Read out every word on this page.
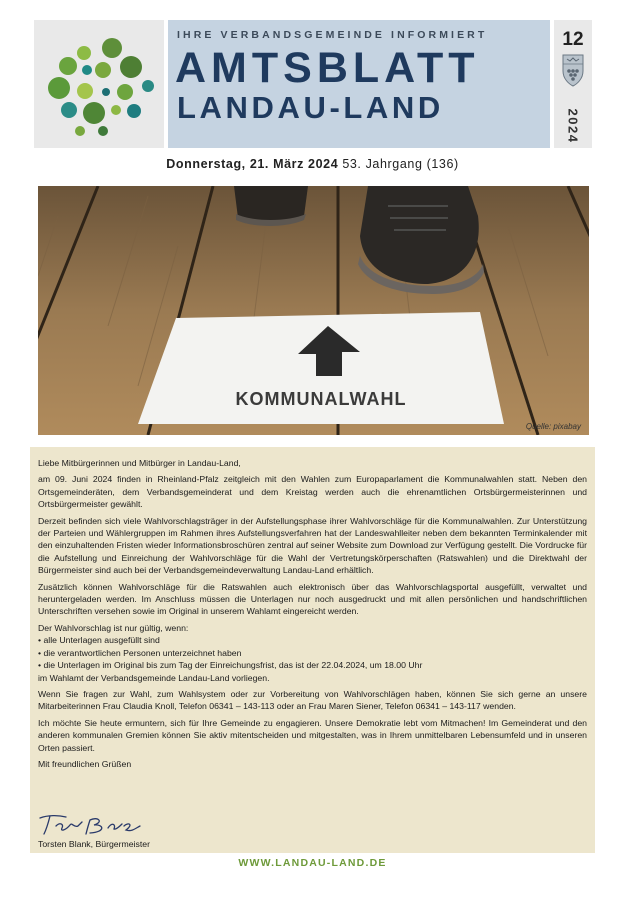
IHRE VERBANDSGEMEINDE INFORMIERT
AMTSBLATT
LANDAU-LAND
12
2024
Donnerstag, 21. März 2024 53. Jahrgang (136)
KOMMUNALWAHL
Quelle: pixabay

Liebe Mitbürgerinnen und Mitbürger in Landau-Land,

am 09. Juni 2024 finden in Rheinland-Pfalz zeitgleich mit den Wahlen zum Europaparlament die Kommunalwahlen statt. Neben den Ortsgemeinderäten, dem Verbandsgemeinderat und dem Kreistag werden auch die ehrenamtlichen Ortsbürgermeisterinnen und Ortsbürgermeister gewählt.

Derzeit befinden sich viele Wahlvorschlagsträger in der Aufstellungsphase ihrer Wahlvorschläge für die Kommunalwahlen. Zur Unterstützung der Parteien und Wählergruppen im Rahmen ihres Aufstellungsverfahren hat der Landeswahlleiter neben dem bekannten Terminkalender mit den einzuhaltenden Fristen wieder Informationsbroschüren zentral auf seiner Website zum Download zur Verfügung gestellt. Die Vordrucke für die Aufstellung und Einreichung der Wahlvorschläge für die Wahl der Vertretungskörperschaften (Ratswahlen) und die Direktwahl der Bürgermeister sind auch bei der Verbandsgemeindeverwaltung Landau-Land erhältlich.

Zusätzlich können Wahlvorschläge für die Ratswahlen auch elektronisch über das Wahlvorschlagsportal ausgefüllt, verwaltet und heruntergeladen werden. Im Anschluss müssen die Unterlagen nur noch ausgedruckt und mit allen persönlichen und handschriftlichen Unterschriften versehen sowie im Original in unserem Wahlamt eingereicht werden.

Der Wahlvorschlag ist nur gültig, wenn:
• alle Unterlagen ausgefüllt sind
• die verantwortlichen Personen unterzeichnet haben
• die Unterlagen im Original bis zum Tag der Einreichungsfrist, das ist der 22.04.2024, um 18.00 Uhr

im Wahlamt der Verbandsgemeinde Landau-Land vorliegen.

Wenn Sie fragen zur Wahl, zum Wahlsystem oder zur Vorbereitung von Wahlvorschlägen haben, können Sie sich gerne an unsere Mitarbeiterinnen Frau Claudia Knoll, Telefon 06341 – 143-113 oder an Frau Maren Siener, Telefon 06341 – 143-117 wenden.

Ich möchte Sie heute ermuntern, sich für Ihre Gemeinde zu engagieren. Unsere Demokratie lebt vom Mitmachen! Im Gemeinderat und den anderen kommunalen Gremien können Sie aktiv mitentscheiden und mitgestalten, was in Ihrem unmittelbaren Lebensumfeld und in unseren Orten passiert.

Mit freundlichen Grüßen

Torsten Blank, Bürgermeister
WWW.LANDAU-LAND.DE
